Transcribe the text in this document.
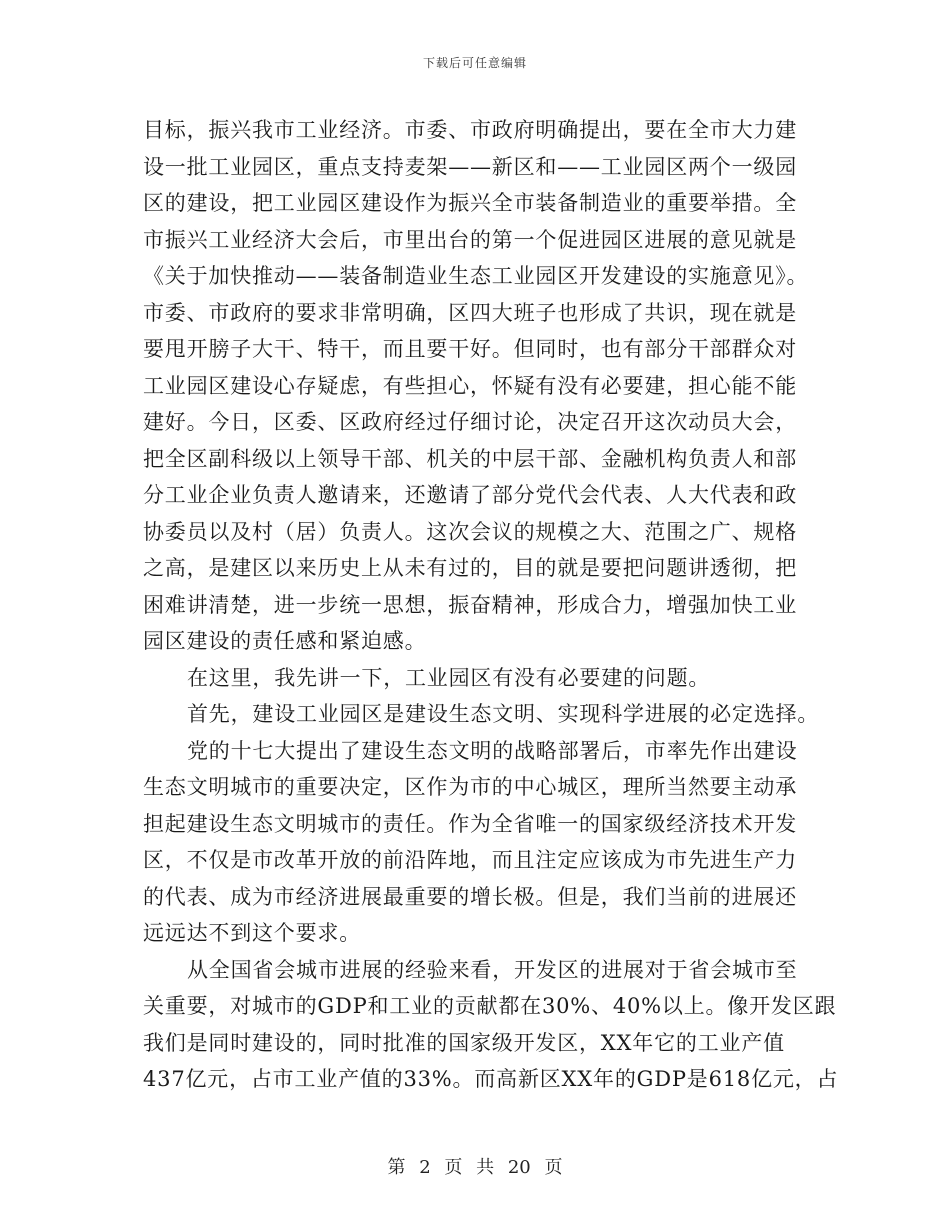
下载后可任意编辑
目标，振兴我市工业经济。市委、市政府明确提出，要在全市大力建
设一批工业园区，重点支持麦架——新区和——工业园区两个一级园
区的建设，把工业园区建设作为振兴全市装备制造业的重要举措。全
市振兴工业经济大会后，市里出台的第一个促进园区进展的意见就是
《关于加快推动——装备制造业生态工业园区开发建设的实施意见》。
市委、市政府的要求非常明确，区四大班子也形成了共识，现在就是
要甩开膀子大干、特干，而且要干好。但同时，也有部分干部群众对
工业园区建设心存疑虑，有些担心，怀疑有没有必要建，担心能不能
建好。今日，区委、区政府经过仔细讨论，决定召开这次动员大会，
把全区副科级以上领导干部、机关的中层干部、金融机构负责人和部
分工业企业负责人邀请来，还邀请了部分党代会代表、人大代表和政
协委员以及村（居）负责人。这次会议的规模之大、范围之广、规格
之高，是建区以来历史上从未有过的，目的就是要把问题讲透彻，把
困难讲清楚，进一步统一思想，振奋精神，形成合力，增强加快工业
园区建设的责任感和紧迫感。
在这里，我先讲一下，工业园区有没有必要建的问题。
首先，建设工业园区是建设生态文明、实现科学进展的必定选择。
党的十七大提出了建设生态文明的战略部署后，市率先作出建设
生态文明城市的重要决定，区作为市的中心城区，理所当然要主动承
担起建设生态文明城市的责任。作为全省唯一的国家级经济技术开发
区，不仅是市改革开放的前沿阵地，而且注定应该成为市先进生产力
的代表、成为市经济进展最重要的增长极。但是，我们当前的进展还
远远达不到这个要求。
从全国省会城市进展的经验来看，开发区的进展对于省会城市至
关重要，对城市的GDP和工业的贡献都在30%、40%以上。像开发区跟
我们是同时建设的，同时批准的国家级开发区，XX年它的工业产值
437亿元，占市工业产值的33%。而高新区XX年的GDP是618亿元，占
第 2 页 共 20 页
